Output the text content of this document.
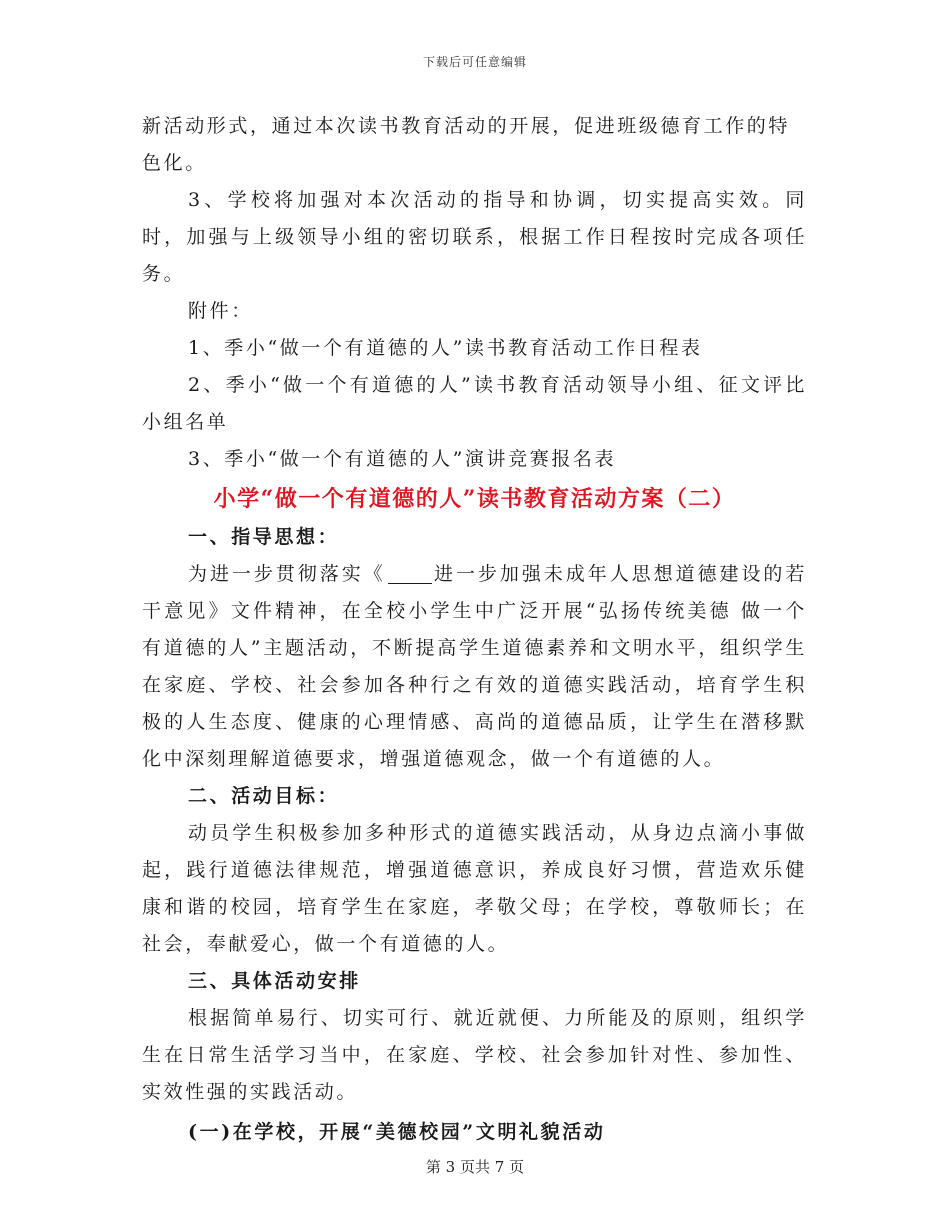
下载后可任意编辑

新活动形式，通过本次读书教育活动的开展，促进班级德育工作的特
色化。

3、学校将加强对本次活动的指导和协调，切实提高实效。同时，加强与上级领导小组的密切联系，根据工作日程按时完成各项任务。

附件：

1、季小“做一个有道德的人”读书教育活动工作日程表

2、季小“做一个有道德的人”读书教育活动领导小组、征文评比小组名单

3、季小“做一个有道德的人”演讲竞赛报名表

小学“做一个有道德的人”读书教育活动方案（二）

一、指导思想：

为进一步贯彻落实《	进一步加强未成年人思想道德建设的若干意见》文件精神，在全校小学生中广泛开展“弘扬传统美德 做一个有道德的人”主题活动，不断提高学生道德素养和文明水平，组织学生在家庭、学校、社会参加各种行之有效的道德实践活动，培育学生积极的人生态度、健康的心理情感、高尚的道德品质，让学生在潜移默化中深刻理解道德要求，增强道德观念，做一个有道德的人。

二、活动目标：

动员学生积极参加多种形式的道德实践活动，从身边点滴小事做起，践行道德法律规范，增强道德意识，养成良好习惯，营造欢乐健康和谐的校园，培育学生在家庭，孝敬父母；在学校，尊敬师长；在社会，奉献爱心，做一个有道德的人。

三、具体活动安排

根据简单易行、切实可行、就近就便、力所能及的原则，组织学生在日常生活学习当中，在家庭、学校、社会参加针对性、参加性、实效性强的实践活动。

(一)在学校，开展“美德校园”文明礼貌活动

第 3 页共 7 页
